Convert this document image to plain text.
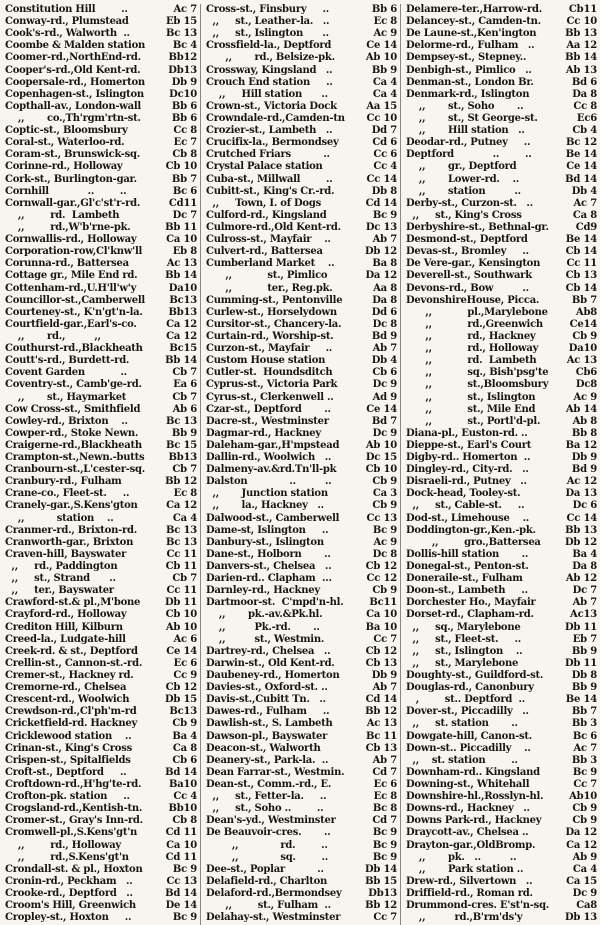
Constitution Hill        ..	Ac 7
Conway-rd., Plumstead	Eb 15
Cook's-rd., Walworth  ..	Bc 13
Coombe & Malden station	Bc 4
Coomer-rd.,NorthEnd-rd.	Bb12
Cooper's-rd.,Old Kent-rd.	Db13
Coopersale-rd., Homerton	Db 9
Copenhagen-st., Islington	Dc10
Copthall-av., London-wall	Bb 6
,,       co.,Th'rgm'rtn-st.	Bb 6
Coptic-st., Bloomsbury	Cc 8
Coral-st., Waterloo-rd.	Ec 7
Coram-st., Brunswick-sq.	Cb 8
Corinne-rd., Holloway	Cb 10
Cork-st., Burlington-gar.	Bb 7
Cornhill            ..        ..	Bc 6
Cornwall-gar.,Gl'c'st'r-rd.	Cd11
,,        rd.  Lambeth	Dc 7
,,        rd.,W'b'rne-pk.	Bb 11
Cornwallis-rd., Holloway	Ca 10
Corporation-row,Cl'knw'll	Eb 8
Corunna-rd., Battersea	Ac 13
Cottage gr., Mile End rd.	Bb 14
Cottenham-rd.,U.H'll'w'y	Da10
Councillor-st.,Camberwell	Bc13
Courteney-st., K'n'gt'n-la.	Bb13
Courtfield-gar.,Earl's-co.	Ca 12
,,       rd.,         ,,	Ca 12
Couthurst-rd.,Blackheath	Bc15
Coutt's-rd., Burdett-rd.	Bb 14
Covent Garden           ..	Cb 7
Coventry-st., Camb'ge-rd.	Ea 6
,,       st., Haymarket	Cb 7
Cow Cross-st., Smithfield	Ab 6
Cowley-rd., Brixton    ..	Bc 13
Cowper-rd., Stoke Newn.	Bb 9
Craigerne-rd.,Blackheath	Bc 15
Crampton-st.,Newn.-butts	Bb13
Cranbourn-st.,L'cester-sq.	Cb 7
Cranbury-rd., Fulham	Bb 12
Crane-co., Fleet-st.     ..	Ec 8
Cranely-gar.,S.Kens'gton	Ca 12
,,          station    ..	Ca 4
Cranmer-rd., Brixton-rd.	Bc 13
Cranworth-gar., Brixton	Bc 13
Craven-hill, Bayswater	Cc 11
,,     rd., Paddington	Cb 11
,,     st., Strand      ..	Cb 7
,,     ter., Bayswater	Cc 11
Crawford-st.& pl.,M'bone	Db 11
Crayford-rd., Holloway	Cb 10
Crediton Hill, Kilburn	Ab 10
Creed-la., Ludgate-hill	Ac 6
Creek-rd. & st., Deptford	Ce 14
Crellin-st., Cannon-st.-rd.	Ec 6
Cremer-st., Hackney rd.	Cc 9
Cremorne-rd., Chelsea	Cb 12
Crescent-rd., Woolwich	Db 15
Crewdson-rd.,Cl'ph'm-rd	Bc13
Cricketfield-rd. Hackney	Cb 9
Cricklewood station    ..	Ba 4
Crinan-st., King's Cross	Ca 8
Crispen-st., Spitalfields	Cb 6
Croft-st., Deptford     ..	Bd 14
Croftdown-rd.,H'hg'te-rd.	Ba10
Crofton-pk. station     ..	Cc 4
Crogsland-rd.,Kentish-tn.	Bb10
Cromer-st., Gray's Inn-rd.	Cb 8
Cromwell-pl.,S.Kens'gt'n	Cd 11
,,        rd., Holloway	Ca 10
,,        rd.,S.Kens'gt'n	Cd 11
Crondall-st. & pl., Hoxton	Bc 9
Cronin-rd., Peckham   ..	Cc 13
Crooke-rd., Deptford   ..	Bd 14
Croom's Hill, Greenwich	De 14
Cropley-st., Hoxton     ..	Bc 9
Cross-st., Finsbury     ..	Bb 6
,,     st., Leather-la.   ..	Ec 8
,,     st., Islington      ..	Ac 9
Crossfield-la., Deptford	Ce 14
,,       rd., Belsize-pk.	Ab 10
Crossway, Kingsland   ..	Bb 9
Crouch End station     ..	Ca 4
,,     Hill station      ..	Ca 4
Crown-st., Victoria Dock	Aa 15
Crowndale-rd.,Camden-tn	Cc 10
Crozier-st., Lambeth   ..	Dd 7
Crucifix-la., Bermondsey	Cd 6
Crutched Friars          ..	Cc 6
Crystal Palace station	Cc 4
Cuba-st., Millwall        ..	Cc 14
Cubitt-st., King's Cr.-rd.	Db 8
,,     Town, I. of Dogs	Cd 14
Culford-rd., Kingsland	Bc 9
Culmore-rd.,Old Kent-rd.	Dc 13
Culross-st., Mayfair    ..	Ab 7
Culvert-rd., Battersea	Db 12
Cumberland Market    ..	Ba 8
,,           st., Pimlico	Da 12
,,           ter., Reg.pk.	Aa 8
Cumming-st., Pentonville	Da 8
Curlew-st., Horselydown	Dd 6
Cursitor-st., Chancery-la.	Dc 8
Curtain-rd., Worship-st.	Bd 9
Curzon-st., Mayfair     ..	Ab 7
Custom House station	Db 4
Cutler-st.  Houndsditch	Cb 6
Cyprus-st., Victoria Park	Dc 9
Cyrus-st., Clerkenwell ..	Ad 9
Czar-st., Deptford       ..	Ce 14
Dacre-st., Westminster	Bd 7
Dagmar-rd., Hackney	Dc 9
Daleham-gar.,H'mpstead	Ab 10
Dallin-rd., Woolwich   ..	Dc 15
Dalmeny-av.&rd.Tn'll-pk	Cb 10
Dalston             ..         ..	Cb 9
,,       Junction station	Ca 3
,,       la., Hackney   ..	Cb 9
Dalwood-st., Camberwell	Cc 13
Dame-st, Islington     ..	Bc 9
Danbury-st., Islington	Ac 9
Dane-st., Holborn       ..	Dc 8
Danvers-st., Chelsea   ..	Cb 12
Darien-rd.. Clapham  ...	Cc 12
Darnley-rd., Hackney	Cb 9
Dartmoor-st.  C'mpd'n-hl.	Bc11
,,       pk.-av.&Pk.hl.	Ca 10
,,         Pk.-rd.       ..	Ba 10
,,         st., Westmin.	Cc 7
Dartrey-rd., Chelsea   ..	Cb 12
Darwin-st., Old Kent-rd.	Cb 13
Daubeney-rd., Homerton	Db 9
Davies-st., Oxford-st. ..	Ab 7
Davis-st.,Cubitt Tn.   ..	Cd 14
Dawes-rd., Fulham     ..	Bb 12
Dawlish-st., S. Lambeth	Ac 13
Dawson-pl., Bayswater	Bc 11
Deacon-st., Walworth	Cb 13
Deanery-st., Park-la.  ..	Ab 7
Dean Farrar-st., Westmin.	Cd 7
Dean-st., Comm.-rd., E.	Ec 6
,,     st., Fetter-la.     ..	Ec 8
,,     st., Soho ..        ..	Bc 8
Dean's-yd., Westminster	Cd 7
De Beauvoir-cres.       ..	Bc 9
,,             rd.        ..	Bc 9
,,             sq.        ..	Bc 9
Dee-st., Poplar          ..	Db 14
Delafield-rd., Charlton	Bb 15
Delaford-rd.,Bermondsey	Db13
,,        st., Fulham  ..	Bb 12
Delahay-st., Westminster	Cc 7
Delamere-ter.,Harrow-rd.	Cb11
Delancey-st., Camden-tn.	Cc 10
De Laune-st.,Ken'ington	Bb 13
Delorme-rd., Fulham   ..	Aa 12
Dempsey-st., Stepney..	Bb 14
Denbigh-st., Pimlico   ..	Ab 13
Denman-st., London Br.	Bd 6
Denmark-rd., Islington	Da 8
,,       st., Soho       ..	Cc 8
,,       st., St George-st.	Ec6
,,       Hill station   ..	Cb 4
Deodar-rd., Putney     ..	Bc 12
Deptford            ..        ..	Be 14
,,       gr., Deptford	Ce 14
,,       Lower-rd.    ..	Bd 14
,,       station         ..	Db 4
Derby-st., Curzon-st.   ..	Ac 7
,,     st., King's Cross	Ca 8
Derbyshire-st., Bethnal-gr.	Cd9
Desmond-st., Deptford	Be 14
Devas-st., Bromley     ..	Cb 14
De Vere-gar., Kensington	Cc 11
Deverell-st., Southwark	Cb 13
Devons-rd., Bow         ..	Cb 14
DevonshireHouse, Picca.	Bb 7
,,           pl.,Marylebone	Ab8
,,           rd.,Greenwich	Ce14
,,           rd., Hackney	Cb 9
,,           rd., Holloway	Da10
,,           rd.  Lambeth	Ac 13
,,           sq., Bish'psg'te	Cb6
,,           st.,Bloomsbury	Dc8
,,           st., Islington	Ac 9
,,           st., Mile End	Ab 14
,,           st., Portl'd-pl.	Ab 8
Diana-pl., Euston-rd. ..	Bb 8
Dieppe-st., Earl's Court	Ba 12
Digby-rd.. Homerton  ..	Db 9
Dingley-rd., City-rd.   ..	Bd 9
Disraeli-rd., Putney   ..	Ac 12
Dock-head, Tooley-st.	Da 13
,,     st., Cable-st.     ..	Dc 6
Dod-st., Limehouse    ..	Cc 14
Doddington-gr.,Ken.-pk.	Bb 13
,,        gro.,Battersea	Db 12
Dollis-hill station       ..	Ba 4
Donegal-st., Penton-st.	Da 8
Doneraile-st., Fulham	Ab 12
Doon-st., Lambeth     ..	Dc 7
Dorchester Ho., Mayfair	Ab 7
Dorset-rd., Clapham-rd.	Ac13
,,     sq., Marylebone	Db 11
,,     st., Fleet-st.     ..	Eb 7
,,     st., Islington    ..	Bb 9
,,     st., Marylebone	Db 11
Doughty-st., Guildford-st.	Db 8
Douglas-rd., Canonbury	Bb 9
,        st.. Deptford  ..	Be 14
Dover-st., Piccadilly   ..	Bb 7
,,     st. station       ..	Bb 3
Dowgate-hill, Canon-st.	Bc 6
Down-st.. Piccadilly    ..	Ac 7
,,    st. station        ..	Bb 3
Downham-rd.. Kingsland	Bc 9
Downing-st., Whitehall	Cc 7
Downshire-hl.,Rosslyn-hl.	Ab10
Downs-rd., Hackney   ..	Cb 9
Downs Park-rd., Hackney	Cb 9
Draycott-av., Chelsea ..	Da 12
Drayton-gar.,OldBromp.	Ca 12
,,       pk.   ..         ..	Ab 9
,,       Park station ..	Ca 4
Drew-rd., Silvertown   ..	Ca 15
Driffield-rd., Roman rd.	Dc 9
Drummond-cres. E'st'n-sq.	Ca8
,,         rd.,B'rm'ds'y	Db 13
